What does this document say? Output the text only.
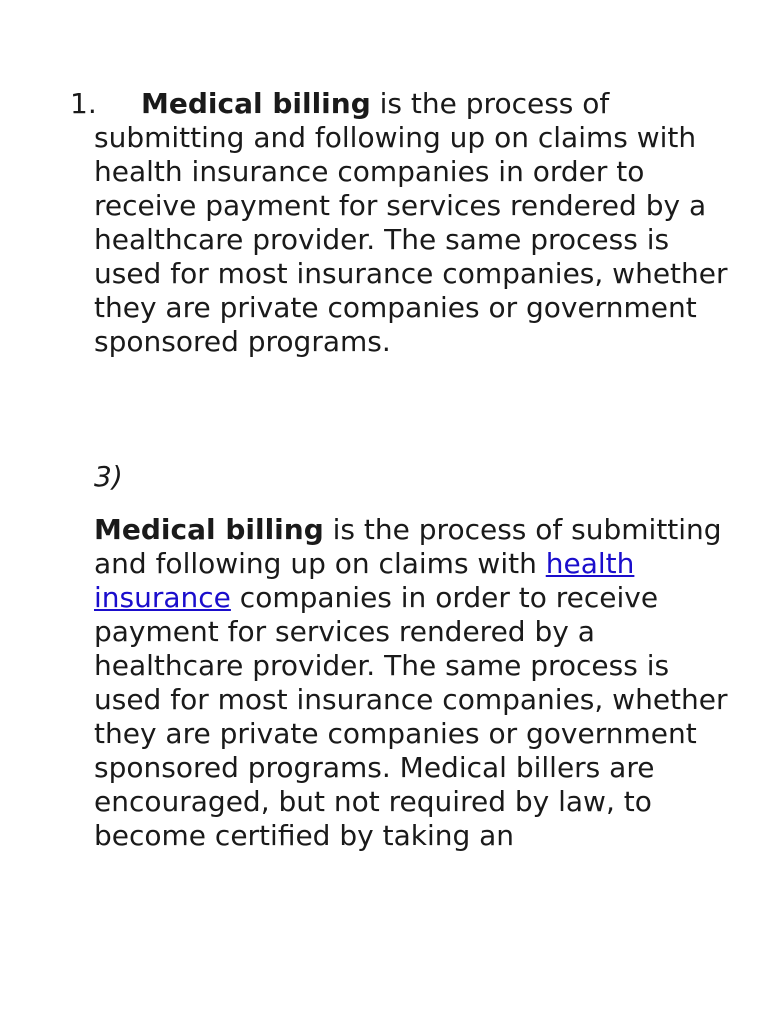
1.	Medical billing is the process of submitting and following up on claims with health insurance companies in order to receive payment for services rendered by a healthcare provider. The same process is used for most insurance companies, whether they are private companies or government sponsored programs.

3)

Medical billing is the process of submitting and following up on claims with health insurance companies in order to receive payment for services rendered by a healthcare provider. The same process is used for most insurance companies, whether they are private companies or government sponsored programs. Medical billers are encouraged, but not required by law, to become certified by taking an
